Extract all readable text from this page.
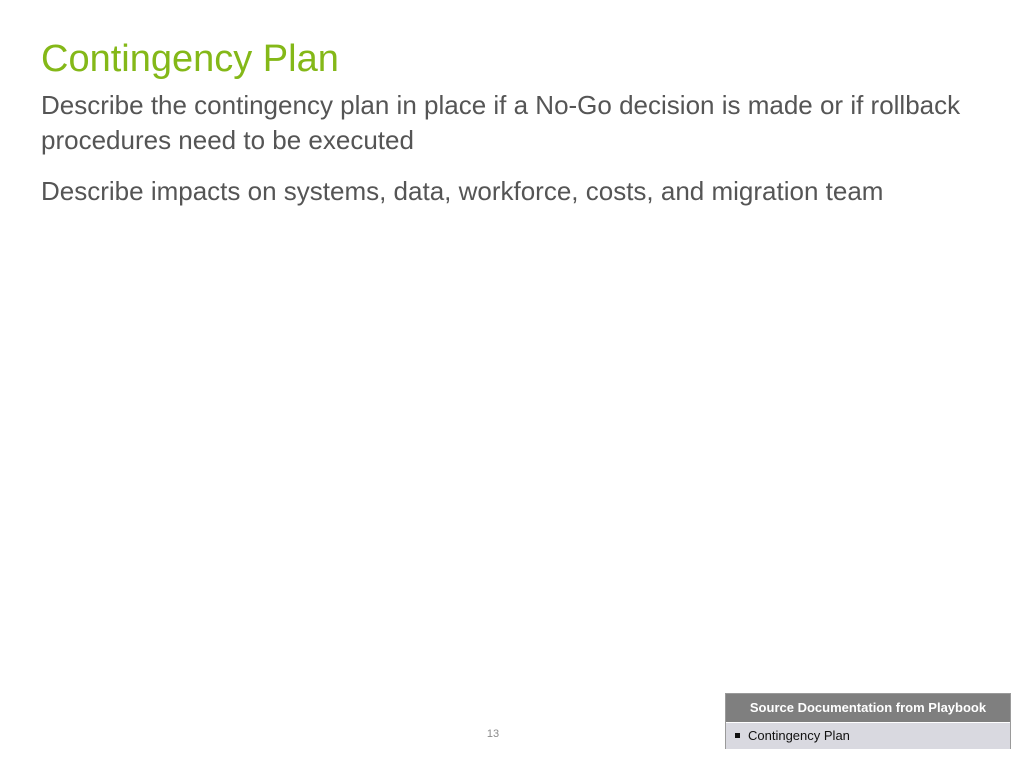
Contingency Plan

Describe the contingency plan in place if a No-Go decision is made or if rollback procedures need to be executed

Describe impacts on systems, data, workforce, costs, and migration team

13
Source Documentation from Playbook
Contingency Plan
